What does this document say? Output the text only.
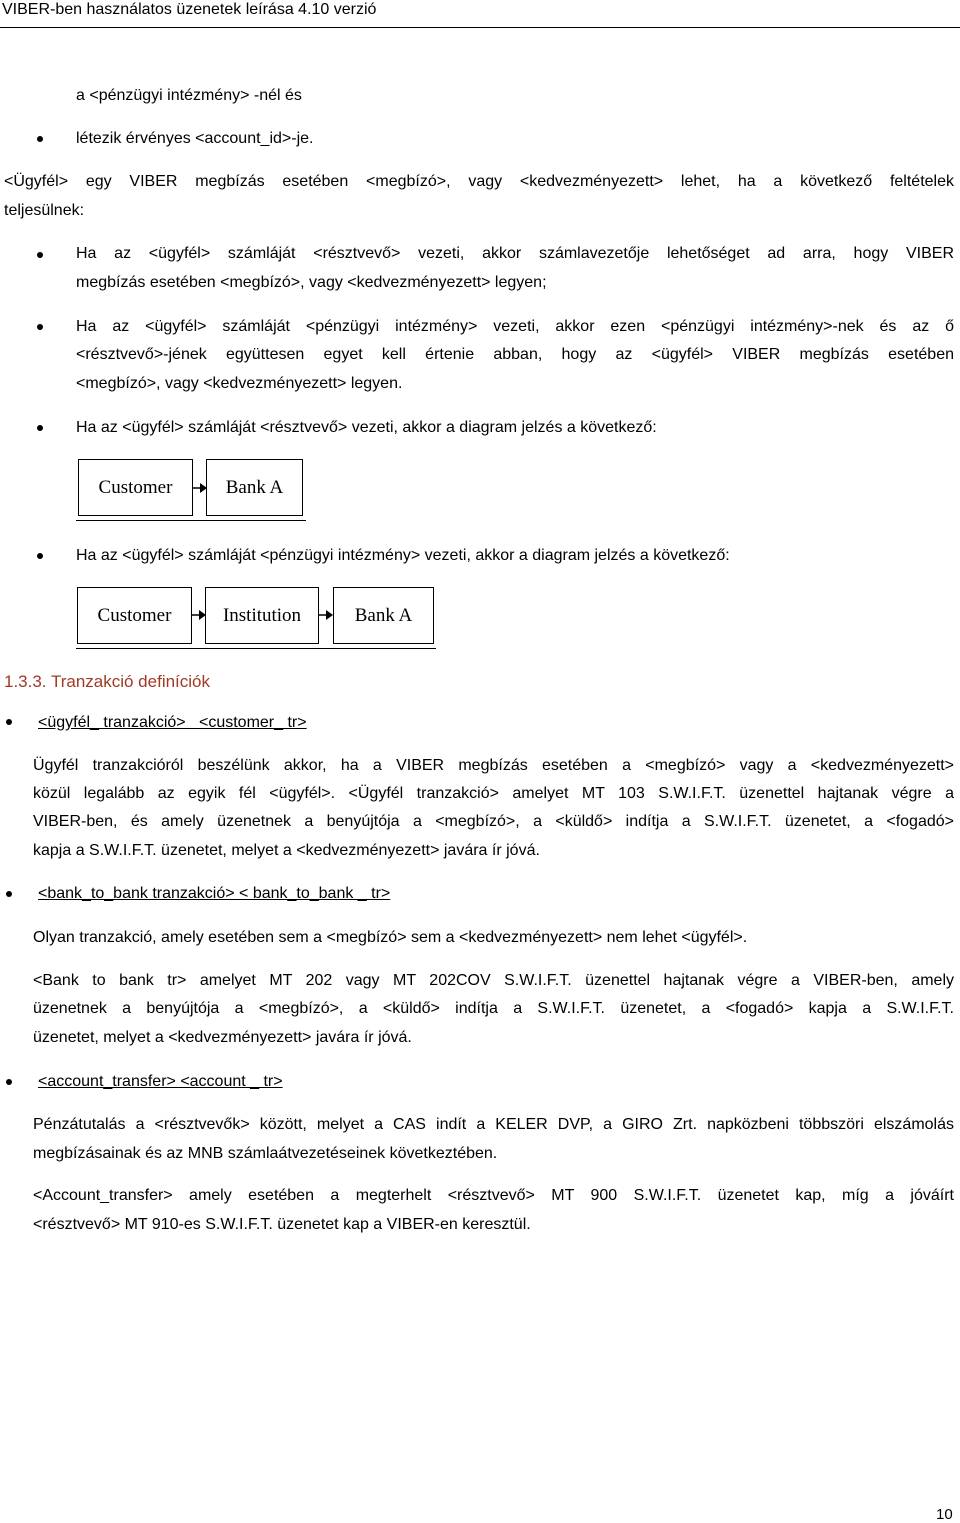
VIBER-ben használatos üzenetek leírása 4.10 verzió
a <pénzügyi intézmény> -nél és
létezik érvényes <account_id>-je.
<Ügyfél> egy VIBER megbízás esetében <megbízó>, vagy <kedvezményezett> lehet, ha a következő feltételek
teljesülnek:
Ha az <ügyfél> számláját <résztvevő> vezeti, akkor számlavezetője lehetőséget ad arra, hogy VIBER
megbízás esetében <megbízó>, vagy <kedvezményezett> legyen;
Ha az <ügyfél> számláját <pénzügyi intézmény> vezeti, akkor ezen <pénzügyi intézmény>-nek és az ő
<résztvevő>-jének együttesen egyet kell értenie abban, hogy az <ügyfél> VIBER megbízás esetében
<megbízó>, vagy <kedvezményezett> legyen.
Ha az <ügyfél> számláját <résztvevő> vezeti, akkor a diagram jelzés a következő:
Customer	Bank A
Ha az <ügyfél> számláját <pénzügyi intézmény> vezeti, akkor a diagram jelzés a következő:
Customer	Institution	Bank A
1.3.3. Tranzakció definíciók
<ügyfél_ tranzakció>   <customer_ tr>
Ügyfél tranzakcióról beszélünk akkor, ha a VIBER megbízás esetében a <megbízó> vagy a <kedvezményezett>
közül legalább az egyik fél <ügyfél>. <Ügyfél tranzakció> amelyet MT 103 S.W.I.F.T. üzenettel hajtanak végre a
VIBER-ben, és amely üzenetnek a benyújtója a <megbízó>, a <küldő> indítja a S.W.I.F.T. üzenetet, a <fogadó>
kapja a S.W.I.F.T. üzenetet, melyet a <kedvezményezett> javára ír jóvá.
<bank_to_bank tranzakció> < bank_to_bank _ tr>
Olyan tranzakció, amely esetében sem a <megbízó> sem a <kedvezményezett> nem lehet <ügyfél>.
<Bank to bank tr> amelyet MT 202 vagy MT 202COV S.W.I.F.T. üzenettel hajtanak végre a VIBER-ben, amely
üzenetnek a benyújtója a <megbízó>, a <küldő> indítja a S.W.I.F.T. üzenetet, a <fogadó> kapja a S.W.I.F.T.
üzenetet, melyet a <kedvezményezett> javára ír jóvá.
<account_transfer> <account _ tr>
Pénzátutalás a <résztvevők> között, melyet a CAS indít a KELER DVP, a GIRO Zrt. napközbeni többszöri elszámolás
megbízásainak és az MNB számlaátvezetéseinek következtében.
<Account_transfer> amely esetében a megterhelt <résztvevő> MT 900 S.W.I.F.T. üzenetet kap, míg a jóváírt
<résztvevő> MT 910-es S.W.I.F.T. üzenetet kap a VIBER-en keresztül.
10
